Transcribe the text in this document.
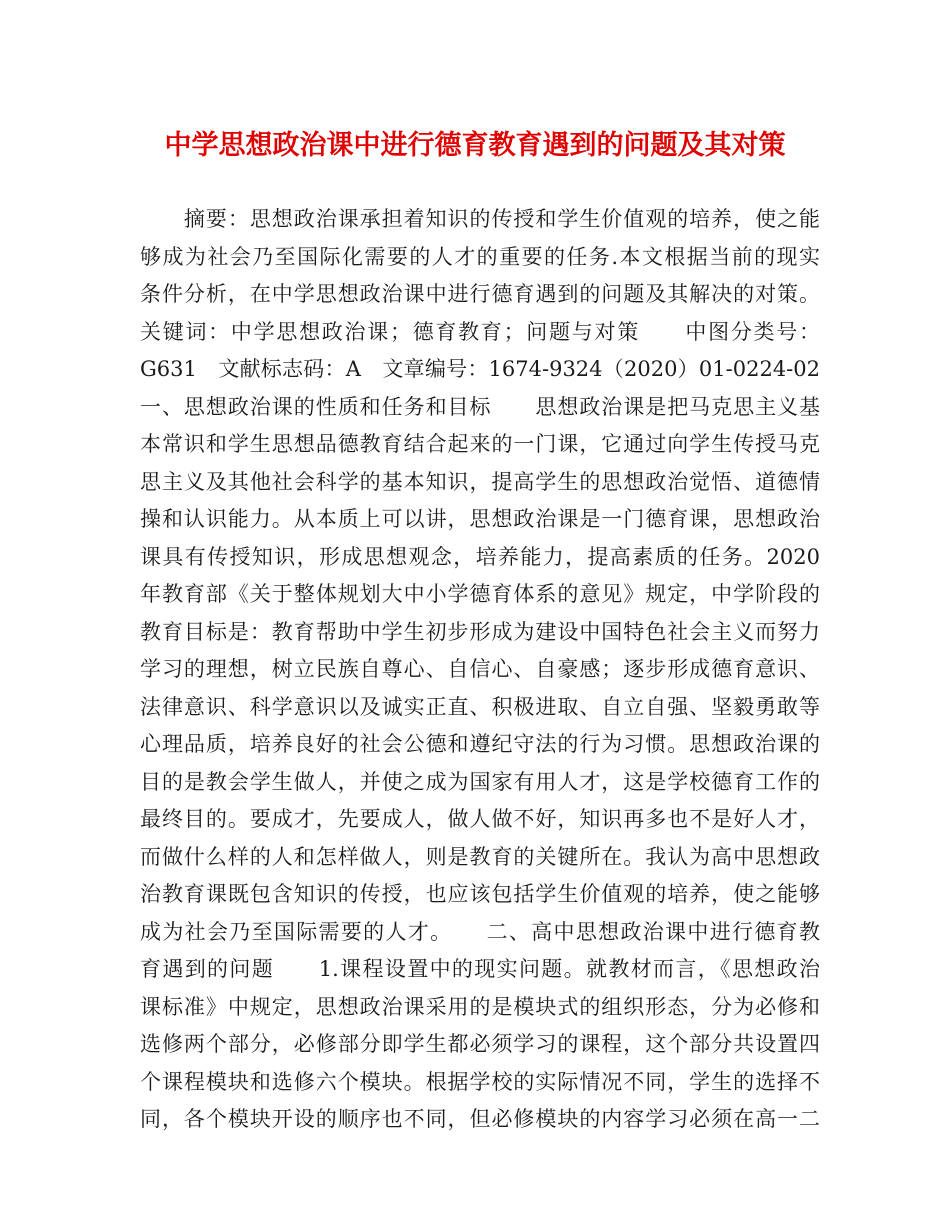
中学思想政治课中进行德育教育遇到的问题及其对策
　　摘要：思想政治课承担着知识的传授和学生价值观的培养，使之能
够成为社会乃至国际化需要的人才的重要的任务.本文根据当前的现实
条件分析，在中学思想政治课中进行德育遇到的问题及其解决的对策。
关键词：中学思想政治课；德育教育；问题与对策　　中图分类号：
G631　文献标志码：A　文章编号：1674-9324（2020）01-0224-02
一、思想政治课的性质和任务和目标　　思想政治课是把马克思主义基
本常识和学生思想品德教育结合起来的一门课，它通过向学生传授马克
思主义及其他社会科学的基本知识，提高学生的思想政治觉悟、道德情
操和认识能力。从本质上可以讲，思想政治课是一门德育课，思想政治
课具有传授知识，形成思想观念，培养能力，提高素质的任务。2020
年教育部《关于整体规划大中小学德育体系的意见》规定，中学阶段的
教育目标是：教育帮助中学生初步形成为建设中国特色社会主义而努力
学习的理想，树立民族自尊心、自信心、自豪感；逐步形成德育意识、
法律意识、科学意识以及诚实正直、积极进取、自立自强、坚毅勇敢等
心理品质，培养良好的社会公德和遵纪守法的行为习惯。思想政治课的
目的是教会学生做人，并使之成为国家有用人才，这是学校德育工作的
最终目的。要成才，先要成人，做人做不好，知识再多也不是好人才，
而做什么样的人和怎样做人，则是教育的关键所在。我认为高中思想政
治教育课既包含知识的传授，也应该包括学生价值观的培养，使之能够
成为社会乃至国际需要的人才。　　二、高中思想政治课中进行德育教
育遇到的问题　　1.课程设置中的现实问题。就教材而言，《思想政治
课标准》中规定，思想政治课采用的是模块式的组织形态，分为必修和
选修两个部分，必修部分即学生都必须学习的课程，这个部分共设置四
个课程模块和选修六个模块。根据学校的实际情况不同，学生的选择不
同，各个模块开设的顺序也不同，但必修模块的内容学习必须在高一二
